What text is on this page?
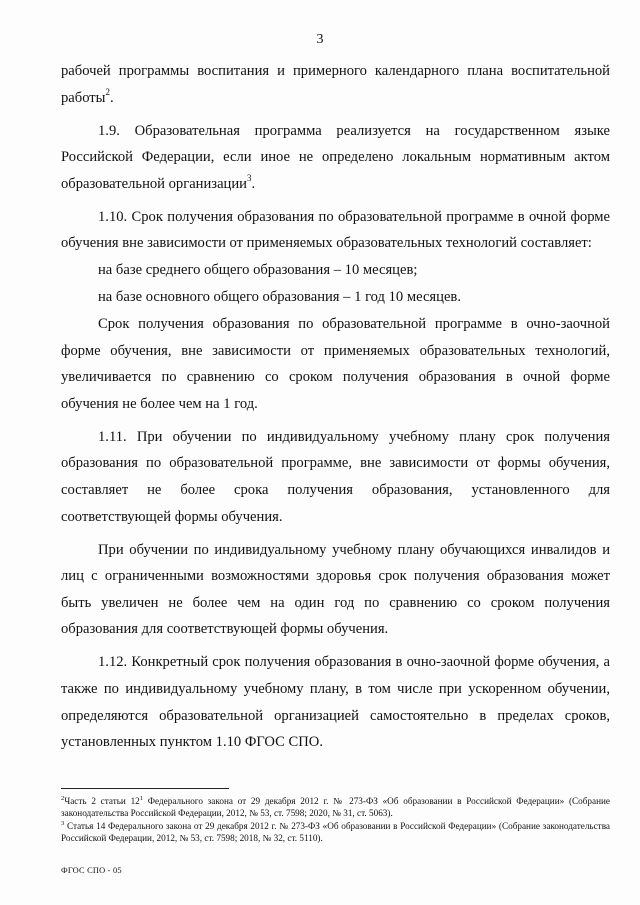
3

рабочей программы воспитания и примерного календарного плана воспитательной работы$^2$.

1.9. Образовательная программа реализуется на государственном языке Российской Федерации, если иное не определено локальным нормативным актом образовательной организации$^3$.

1.10. Срок получения образования по образовательной программе в очной форме обучения вне зависимости от применяемых образовательных технологий составляет:

на базе среднего общего образования – 10 месяцев;

на базе основного общего образования – 1 год 10 месяцев.

Срок получения образования по образовательной программе в очно-заочной форме обучения, вне зависимости от применяемых образовательных технологий, увеличивается по сравнению со сроком получения образования в очной форме обучения не более чем на 1 год.

1.11. При обучении по индивидуальному учебному плану срок получения образования по образовательной программе, вне зависимости от формы обучения, составляет не более срока получения образования, установленного для соответствующей формы обучения.

При обучении по индивидуальному учебному плану обучающихся инвалидов и лиц с ограниченными возможностями здоровья срок получения образования может быть увеличен не более чем на один год по сравнению со сроком получения образования для соответствующей формы обучения.

1.12. Конкретный срок получения образования в очно-заочной форме обучения, а также по индивидуальному учебному плану, в том числе при ускоренном обучении, определяются образовательной организацией самостоятельно в пределах сроков, установленных пунктом 1.10 ФГОС СПО.

$^2$Часть 2 статьи $12^1$ Федерального закона от 29 декабря 2012 г. № 273-ФЗ «Об образовании в Российской Федерации» (Собрание законодательства Российской Федерации, 2012, № 53, ст. 7598; 2020, № 31, ст. 5063).

$^3$ Статья 14 Федерального закона от 29 декабря 2012 г. № 273-ФЗ «Об образовании в Российской Федерации» (Собрание законодательства Российской Федерации, 2012, № 53, ст. 7598; 2018, № 32, ст. 5110).

ФГОС СПО - 05
